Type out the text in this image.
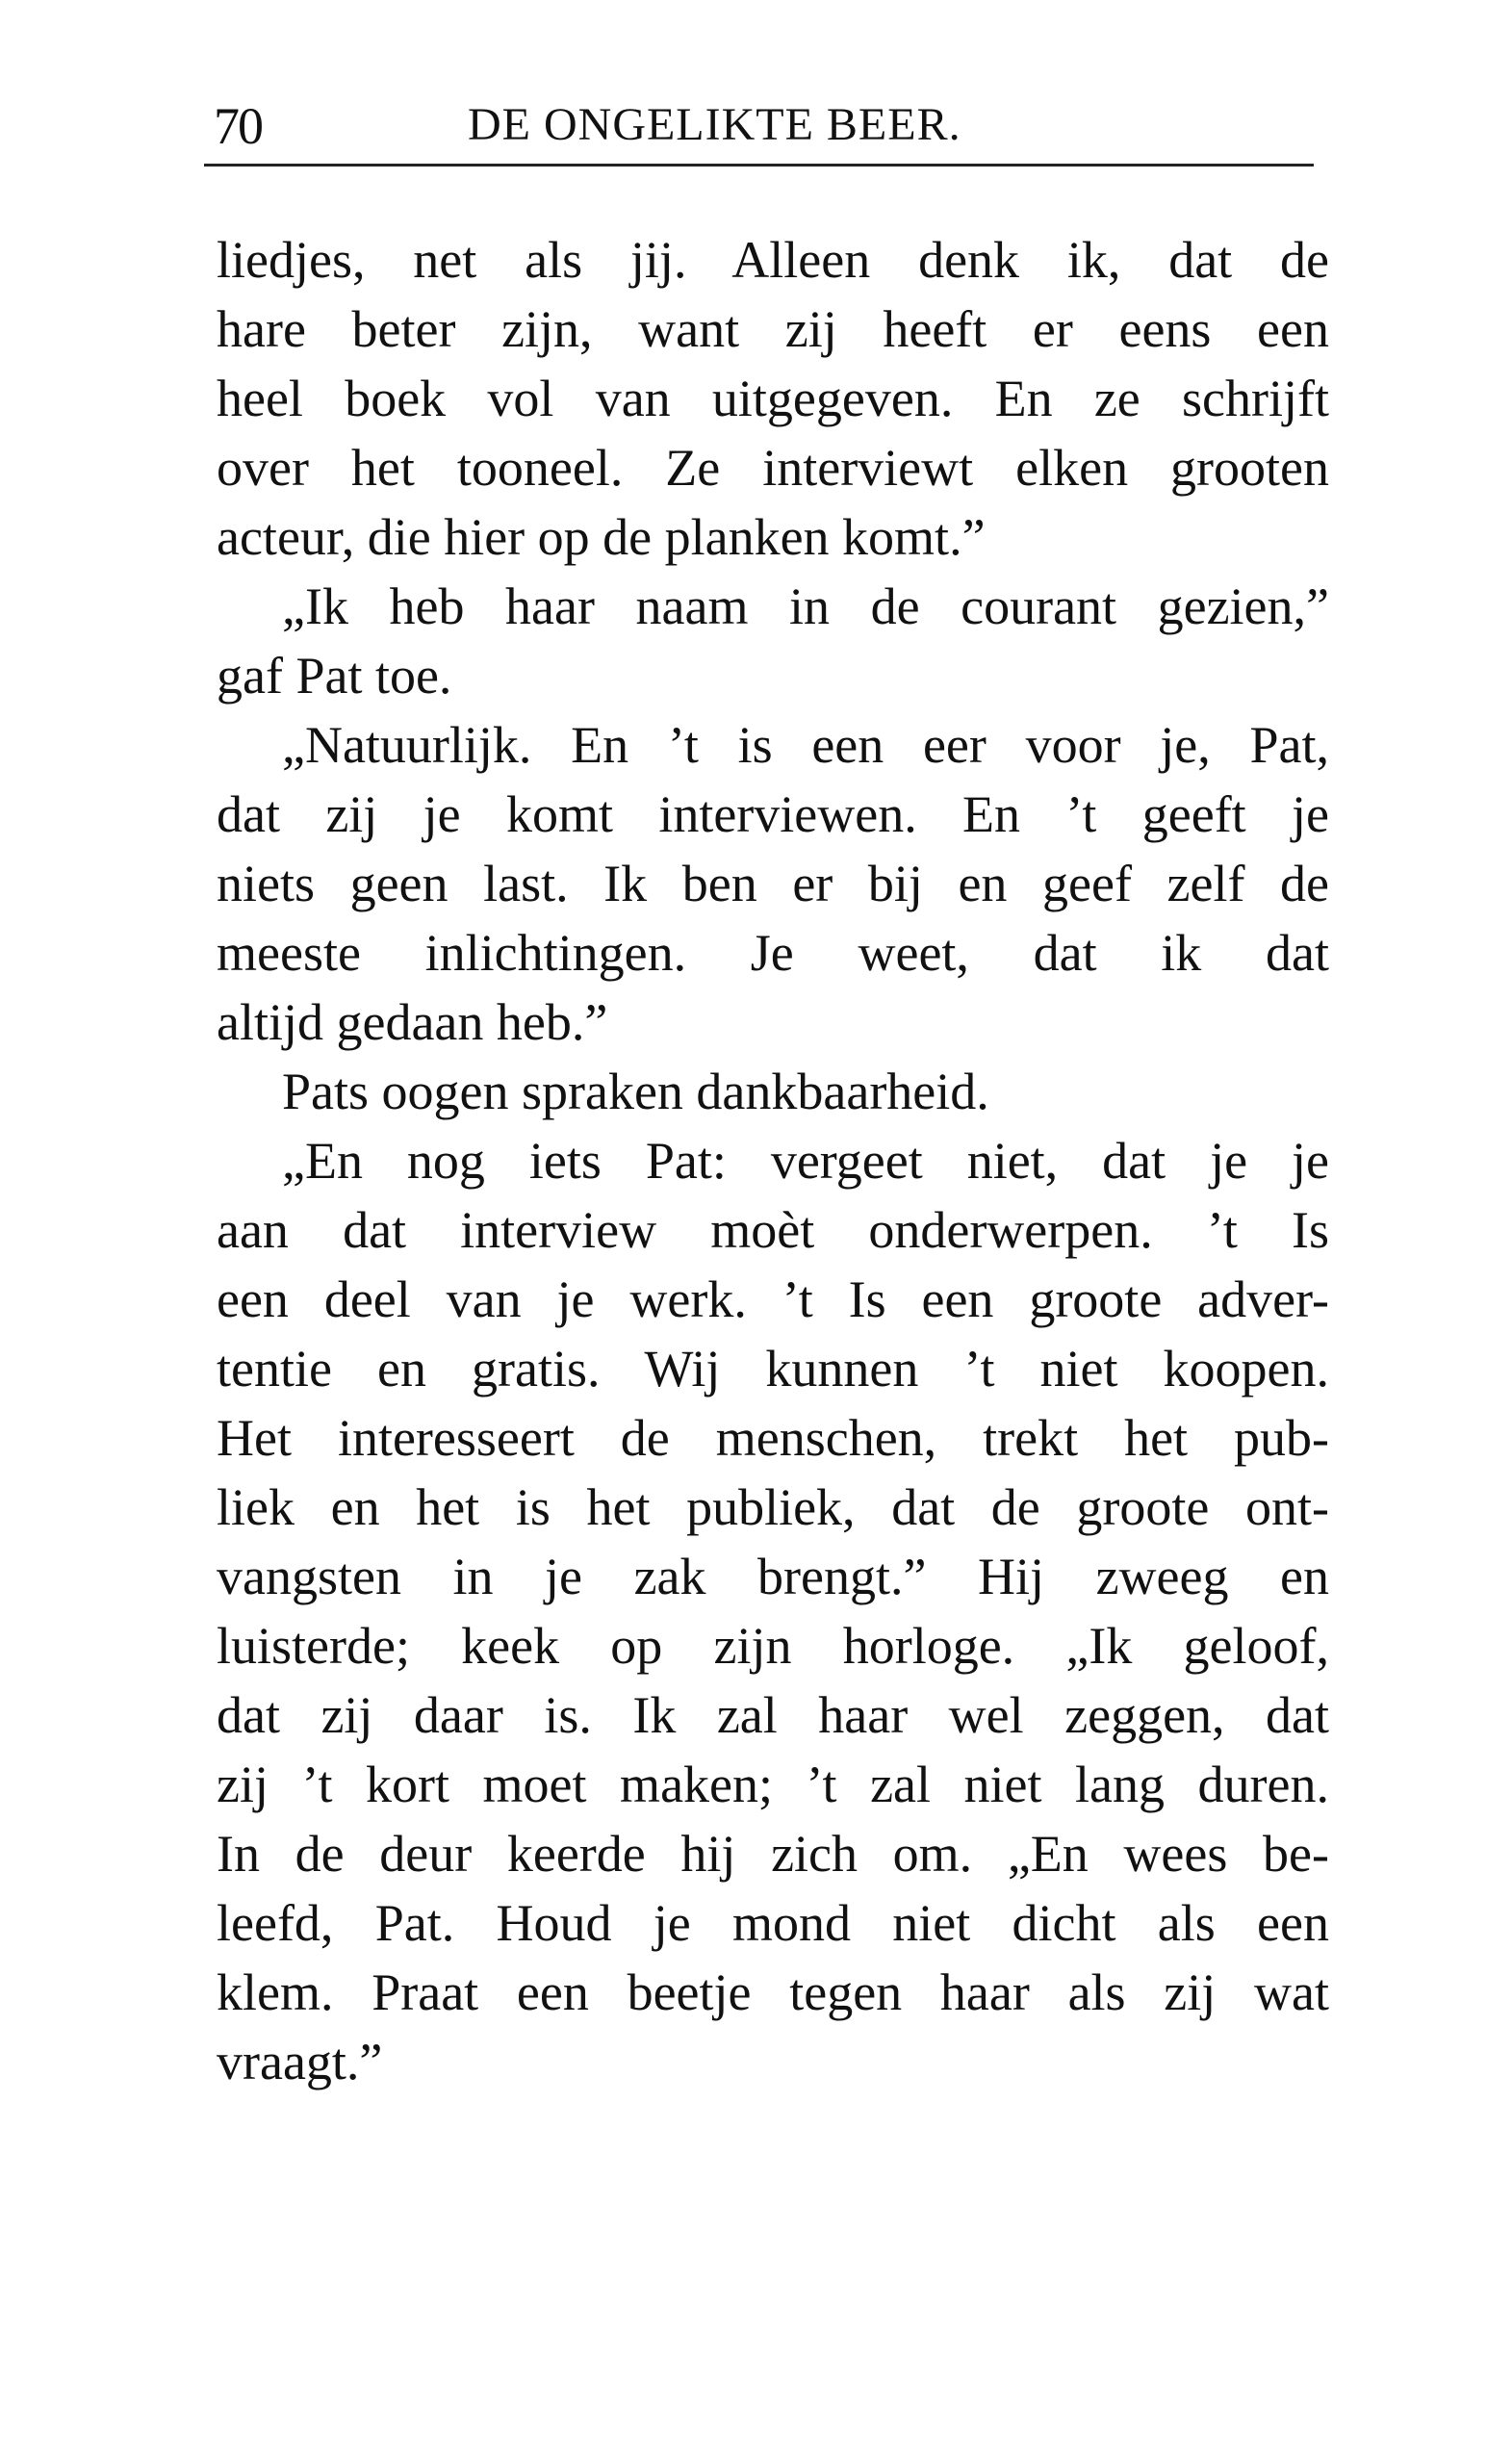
70	DE ONGELIKTE BEER.
liedjes, net als jij. Alleen denk ik, dat de
hare beter zijn, want zij heeft er eens een
heel boek vol van uitgegeven. En ze schrijft
over het tooneel. Ze interviewt elken grooten
acteur, die hier op de planken komt.”
„Ik heb haar naam in de courant gezien,”
gaf Pat toe.
„Natuurlijk. En ’t is een eer voor je, Pat,
dat zij je komt interviewen. En ’t geeft je
niets geen last. Ik ben er bij en geef zelf de
meeste inlichtingen. Je weet, dat ik dat
altijd gedaan heb.”
Pats oogen spraken dankbaarheid.
„En nog iets Pat: vergeet niet, dat je je
aan dat interview moèt onderwerpen. ’t Is
een deel van je werk. ’t Is een groote adver-
tentie en gratis. Wij kunnen ’t niet koopen.
Het interesseert de menschen, trekt het pub-
liek en het is het publiek, dat de groote ont-
vangsten in je zak brengt.” Hij zweeg en
luisterde; keek op zijn horloge. „Ik geloof,
dat zij daar is. Ik zal haar wel zeggen, dat
zij ’t kort moet maken; ’t zal niet lang duren.
In de deur keerde hij zich om. „En wees be-
leefd, Pat. Houd je mond niet dicht als een
klem. Praat een beetje tegen haar als zij wat
vraagt.”
